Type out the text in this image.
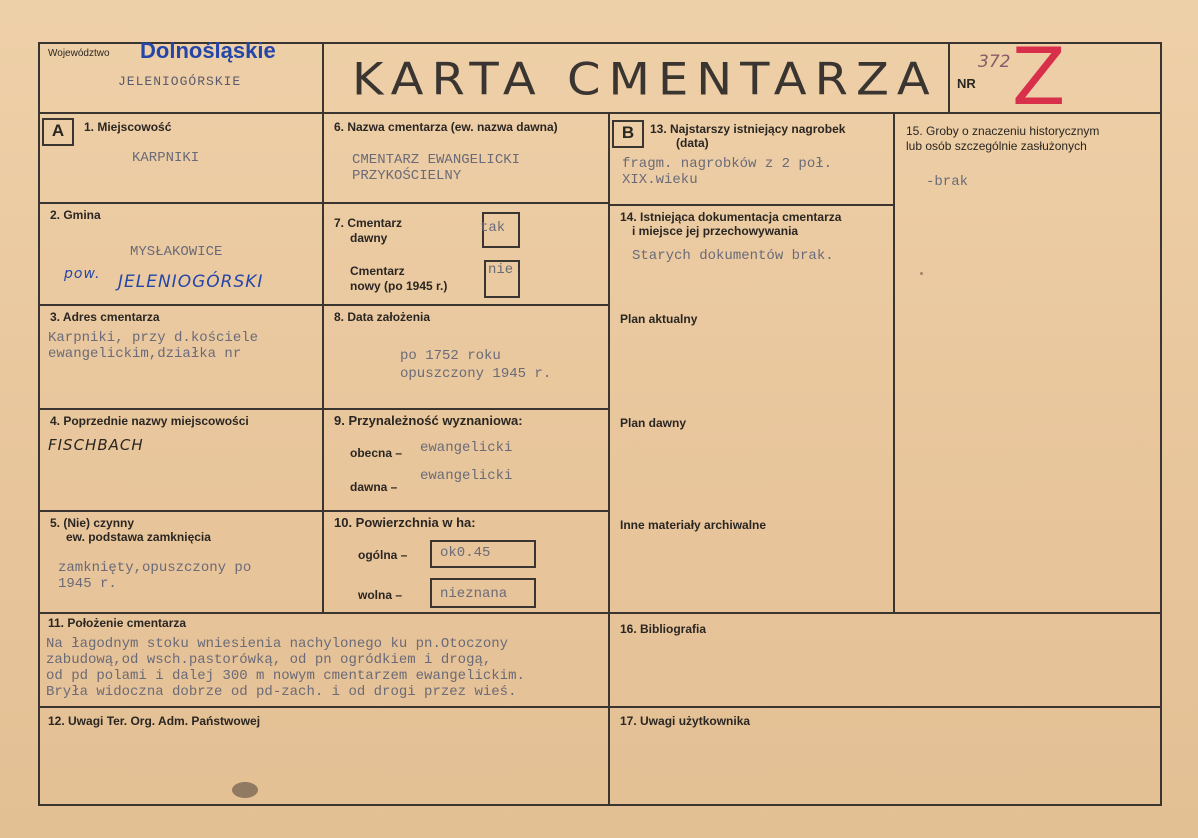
Województwo Dolnośląskie
JELENIOGÓRSKIE KARTA CMENTARZA NR
372 Z
A	B
1. Miejscowość
KARPNIKI
2. Gmina
MYSŁAKOWICE
pow. JELENIOGÓRSKI
3. Adres cmentarza
Karpniki, przy d.kościele
ewangelickim,działka nr
4. Poprzednie nazwy miejscowości
FISCHBACH
5. (Nie) czynny
ew. podstawa zamknięcia
zamknięty,opuszczony po
1945 r.
6. Nazwa cmentarza (ew. nazwa dawna)
CMENTARZ EWANGELICKI
PRZYKOŚCIELNY
7. Cmentarz
dawny
tak
Cmentarz
nowy (po 1945 r.)
nie
8. Data założenia
po 1752 roku
opuszczony 1945 r.
9. Przynależność wyznaniowa:
obecna – ewangelicki
dawna –
ewangelicki
10. Powierzchnia w ha:
ogólna – ok0.45
wolna –	nieznana
13. Najstarszy istniejący nagrobek
(data)
fragm. nagrobków z 2 poł.
XIX.wieku
14. Istniejąca dokumentacja cmentarza
i miejsce jej przechowywania
Starych dokumentów brak.
Plan aktualny
Plan dawny
Inne materiały archiwalne
15. Groby o znaczeniu historycznym
lub osób szczególnie zasłużonych
-brak
11. Położenie cmentarza
Na łagodnym stoku wniesienia nachylonego ku pn.Otoczony
zabudową,od wsch.pastorówką, od pn ogródkiem i drogą,
od pd polami i dalej 300 m nowym cmentarzem ewangelickim.
Bryła widoczna dobrze od pd-zach. i od drogi przez wieś.
16. Bibliografia
12. Uwagi Ter. Org. Adm. Państwowej	17. Uwagi użytkownika
